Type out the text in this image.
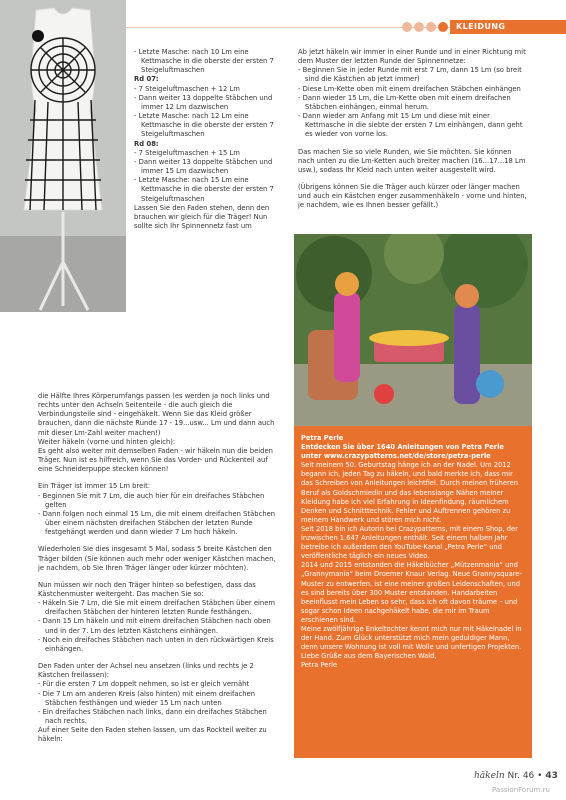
KLEIDUNG
- Letzte Masche: nach 10 Lm eine Kettmasche in die oberste der ersten 7 Steigeluftmaschen
Rd 07:
- 7 Steigeluftmaschen + 12 Lm
- Dann weiter 13 doppelte Stäbchen und immer 12 Lm dazwischen
- Letzte Masche: nach 12 Lm eine Kettmasche in die oberste der ersten 7 Steigeluftmaschen
Rd 08:
- 7 Steigeluftmaschen + 15 Lm
- Dann weiter 13 doppelte Stäbchen und immer 15 Lm dazwischen
- Letzte Masche: nach 15 Lm eine Kettmasche in die oberste der ersten 7 Steigeluftmaschen
Lassen Sie den Faden stehen, denn den brauchen wir gleich für die Träger! Nun sollte sich Ihr Spinnennetz fast um
die Hälfte Ihres Körperumfangs passen (es werden ja noch links und rechts unter den Achseln Seitenteile - die auch gleich die Verbindungsteile sind - eingehäkelt. Wenn Sie das Kleid größer brauchen, dann die nächste Runde 17 - 19...usw... Lm und dann auch mit dieser Lm-Zahl weiter machen!)
Weiter häkeln (vorne und hinten gleich):
Es geht also weiter mit demselben Faden - wir häkeln nun die beiden Träger. Nun ist es hilfreich, wenn Sie das Vorder- und Rückenteil auf eine Schneiderpuppe stecken können!
Ein Träger ist immer 15 Lm breit:
- Beginnen Sie mit 7 Lm, die auch hier für ein dreifaches Stäbchen gelten
- Dann folgen noch einmal 15 Lm, die mit einem dreifachen Stäbchen über einem nächsten dreifachen Stäbchen der letzten Runde festgehängt werden und dann wieder 7 Lm hoch häkeln.
Wiederholen Sie dies insgesamt 5 Mal, sodass 5 breite Kästchen den Träger bilden (Sie können auch mehr oder weniger Kästchen machen, je nachdem, ob Sie Ihren Träger länger oder kürzer möchten).
Nun müssen wir noch den Träger hinten so befestigen, dass das Kästchenmuster weitergeht. Das machen Sie so:
- Häkeln Sie 7 Lm, die Sie mit einem dreifachen Stäbchen über einem dreifachen Stäbchen der hinteren letzten Runde festhängen.
- Dann 15 Lm häkeln und mit einem dreifachen Stäbchen nach oben und in der 7. Lm des letzten Kästchens einhängen.
- Noch ein dreifaches Stäbchen nach unten in den rückwärtigen Kreis einhängen.
Den Faden unter der Achsel neu ansetzen (links und rechts je 2 Kästchen freilassen):
- Für die ersten 7 Lm doppelt nehmen, so ist er gleich vernäht
- Die 7 Lm am anderen Kreis (also hinten) mit einem dreifachen Stäbchen festhängen und wieder 15 Lm nach unten
- Ein dreifaches Stäbchen nach links, dann ein dreifaches Stäbchen nach rechts.
Auf einer Seite den Faden stehen lassen, um das Rockteil weiter zu häkeln:
Ab jetzt häkeln wir immer in einer Runde und in einer Richtung mit dem Muster der letzten Runde der Spinnennetze:
- Beginnen Sie in jeder Runde mit erst 7 Lm, dann 15 Lm (so breit sind die Kästchen ab jetzt immer)
- Diese Lm-Kette oben mit einem dreifachen Stäbchen einhängen
- Dann wieder 15 Lm, die Lm-Kette oben mit einem dreifachen Stäbchen einhängen, einmal herum.
- Dann wieder am Anfang mit 15 Lm und diese mit einer Kettmasche in die siebte der ersten 7 Lm einhängen, dann geht es wieder von vorne los.
Das machen Sie so viele Runden, wie Sie möchten. Sie können nach unten zu die Lm-Ketten auch breiter machen (16...17...18 Lm usw.), sodass Ihr Kleid nach unten weiter ausgestellt wird.
(Übrigens können Sie die Träger auch kürzer oder länger machen und auch ein Kästchen enger zusammenhäkeln - vorne und hinten, je nachdem, wie es Ihnen besser gefällt.)

Petra Perle

Entdecken Sie über 1640 Anleitungen von Petra Perle unter www.crazypatterns.net/de/store/petra-perle

Seit meinem 50. Geburtstag hänge ich an der Nadel. Um 2012 begann ich, jeden Tag zu häkeln, und bald merkte ich, dass mir das Schreiben von Anleitungen leichtfiel. Durch meinen früheren Beruf als Goldschmiedin und das lebenslange Nähen meiner Kleidung habe ich viel Erfahrung in Ideenfindung, räumlichem Denken und Schnitttechnik. Fehler und Auftrennen gehören zu meinem Handwerk und stören mich nicht.

Seit 2018 bin ich Autorin bei Crazypatterns, mit einem Shop, der inzwischen 1.647 Anleitungen enthält. Seit einem halben Jahr betreibe ich außerdem den YouTube-Kanal „Petra Perle“ und veröffentliche täglich ein neues Video.

2014 und 2015 entstanden die Häkelbücher „Mützenmania“ und „Grannymania“ beim Droemer Knaur Verlag. Neue Grannysquare-Muster zu entwerfen, ist eine meiner großen Leidenschaften, und es sind bereits über 300 Muster entstanden. Handarbeiten beeinflusst mein Leben so sehr, dass ich oft davon träume – und sogar schon Ideen nachgehäkelt habe, die mir im Traum erschienen sind.

Meine zwölfjährige Enkeltochter kennt mich nur mit Häkelnadel in der Hand. Zum Glück unterstützt mich mein geduldiger Mann, denn unsere Wohnung ist voll mit Wolle und unfertigen Projekten.

Liebe Grüße aus dem Bayerischen Wald,

Petra Perle

häkeln Nr. 46 • 43
PassionForum.ru
